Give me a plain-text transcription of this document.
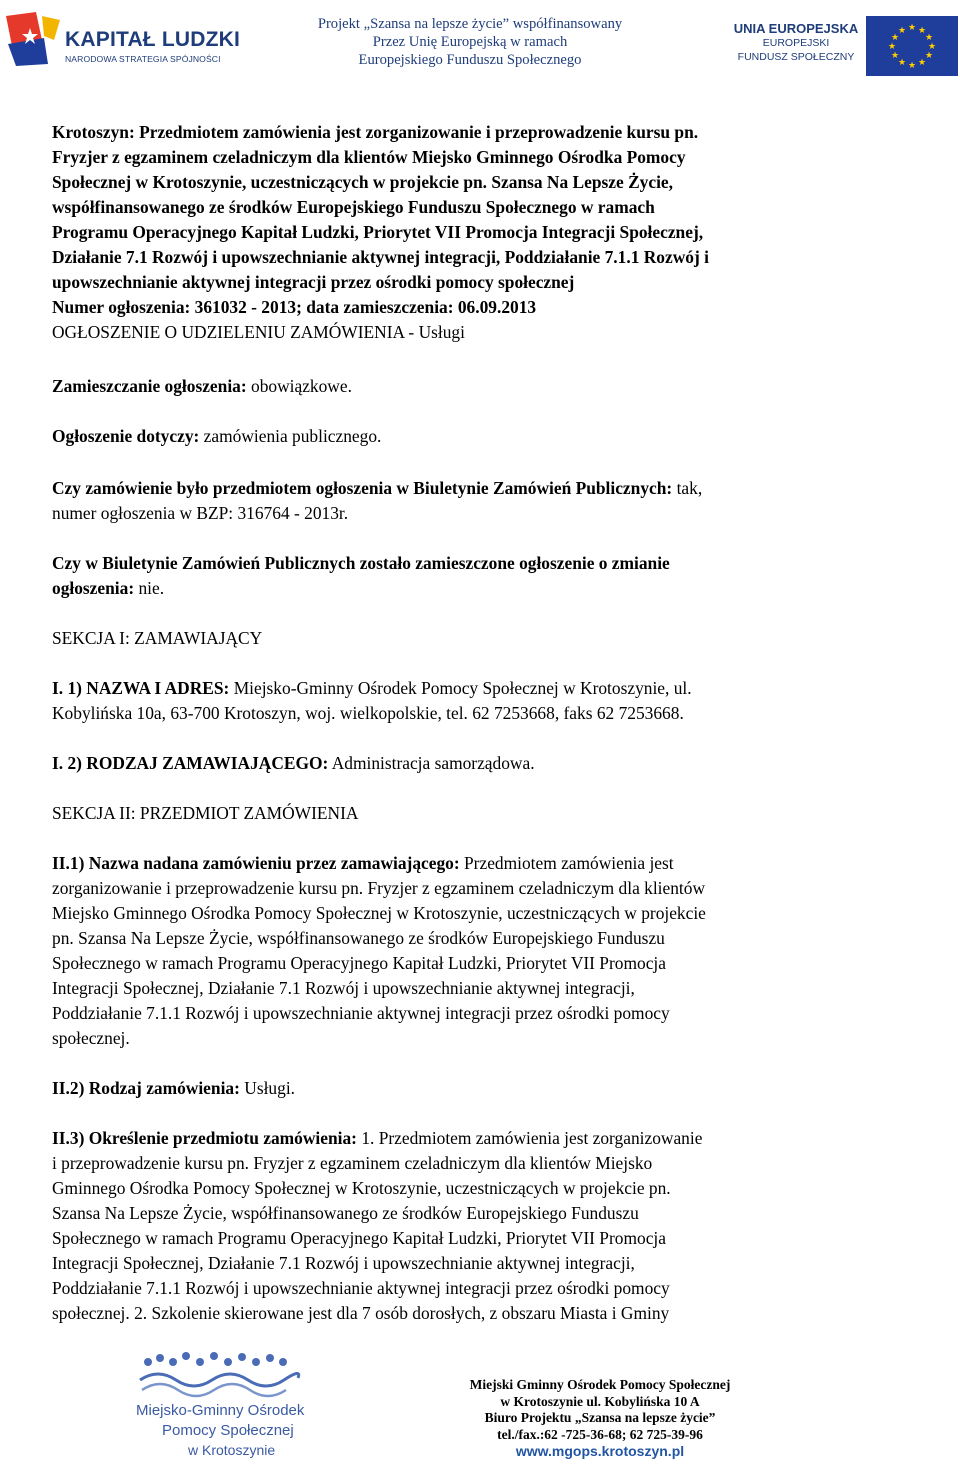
KAPITAŁ LUDZKI
NARODOWA STRATEGIA SPÓJNOŚCI
Projekt „Szansa na lepsze życie” współfinansowany
Przez Unię Europejską w ramach
Europejskiego Funduszu Społecznego
UNIA EUROPEJSKA
EUROPEJSKI
FUNDUSZ SPOŁECZNY
★ ★
★
★
★
★
★
★
★
★
★
★

Krotoszyn: Przedmiotem zamówienia jest zorganizowanie i przeprowadzenie kursu pn.

Fryzjer z egzaminem czeladniczym dla klientów Miejsko Gminnego Ośrodka Pomocy

Społecznej w Krotoszynie, uczestniczących w projekcie pn. Szansa Na Lepsze Życie,

współfinansowanego ze środków Europejskiego Funduszu Społecznego w ramach

Programu Operacyjnego Kapitał Ludzki, Priorytet VII Promocja Integracji Społecznej,

Działanie 7.1 Rozwój i upowszechnianie aktywnej integracji, Poddziałanie 7.1.1 Rozwój i

upowszechnianie aktywnej integracji przez ośrodki pomocy społecznej

Numer ogłoszenia: 361032 - 2013; data zamieszczenia: 06.09.2013

OGŁOSZENIE O UDZIELENIU ZAMÓWIENIA - Usługi

Zamieszczanie ogłoszenia: obowiązkowe.

Ogłoszenie dotyczy: zamówienia publicznego.

Czy zamówienie było przedmiotem ogłoszenia w Biuletynie Zamówień Publicznych: tak,

numer ogłoszenia w BZP: 316764 - 2013r.

Czy w Biuletynie Zamówień Publicznych zostało zamieszczone ogłoszenie o zmianie

ogłoszenia: nie.

SEKCJA I: ZAMAWIAJĄCY

I. 1) NAZWA I ADRES: Miejsko-Gminny Ośrodek Pomocy Społecznej w Krotoszynie, ul.

Kobylińska 10a, 63-700 Krotoszyn, woj. wielkopolskie, tel. 62 7253668, faks 62 7253668.

I. 2) RODZAJ ZAMAWIAJĄCEGO: Administracja samorządowa.

SEKCJA II: PRZEDMIOT ZAMÓWIENIA

II.1) Nazwa nadana zamówieniu przez zamawiającego: Przedmiotem zamówienia jest

zorganizowanie i przeprowadzenie kursu pn. Fryzjer z egzaminem czeladniczym dla klientów

Miejsko Gminnego Ośrodka Pomocy Społecznej w Krotoszynie, uczestniczących w projekcie

pn. Szansa Na Lepsze Życie, współfinansowanego ze środków Europejskiego Funduszu

Społecznego w ramach Programu Operacyjnego Kapitał Ludzki, Priorytet VII Promocja

Integracji Społecznej, Działanie 7.1 Rozwój i upowszechnianie aktywnej integracji,

Poddziałanie 7.1.1 Rozwój i upowszechnianie aktywnej integracji przez ośrodki pomocy

społecznej.

II.2) Rodzaj zamówienia: Usługi.

II.3) Określenie przedmiotu zamówienia: 1. Przedmiotem zamówienia jest zorganizowanie

i przeprowadzenie kursu pn. Fryzjer z egzaminem czeladniczym dla klientów Miejsko

Gminnego Ośrodka Pomocy Społecznej w Krotoszynie, uczestniczących w projekcie pn.

Szansa Na Lepsze Życie, współfinansowanego ze środków Europejskiego Funduszu

Społecznego w ramach Programu Operacyjnego Kapitał Ludzki, Priorytet VII Promocja

Integracji Społecznej, Działanie 7.1 Rozwój i upowszechnianie aktywnej integracji,

Poddziałanie 7.1.1 Rozwój i upowszechnianie aktywnej integracji przez ośrodki pomocy

społecznej. 2. Szkolenie skierowane jest dla 7 osób dorosłych, z obszaru Miasta i Gminy

Miejsko-Gminny Ośrodek
Pomocy Społecznej
w Krotoszynie
Miejski Gminny Ośrodek Pomocy Społecznej
w Krotoszynie ul. Kobylińska 10 A
Biuro Projektu „Szansa na lepsze życie”
tel./fax.:62 -725-36-68; 62 725-39-96
www.mgops.krotoszyn.pl
